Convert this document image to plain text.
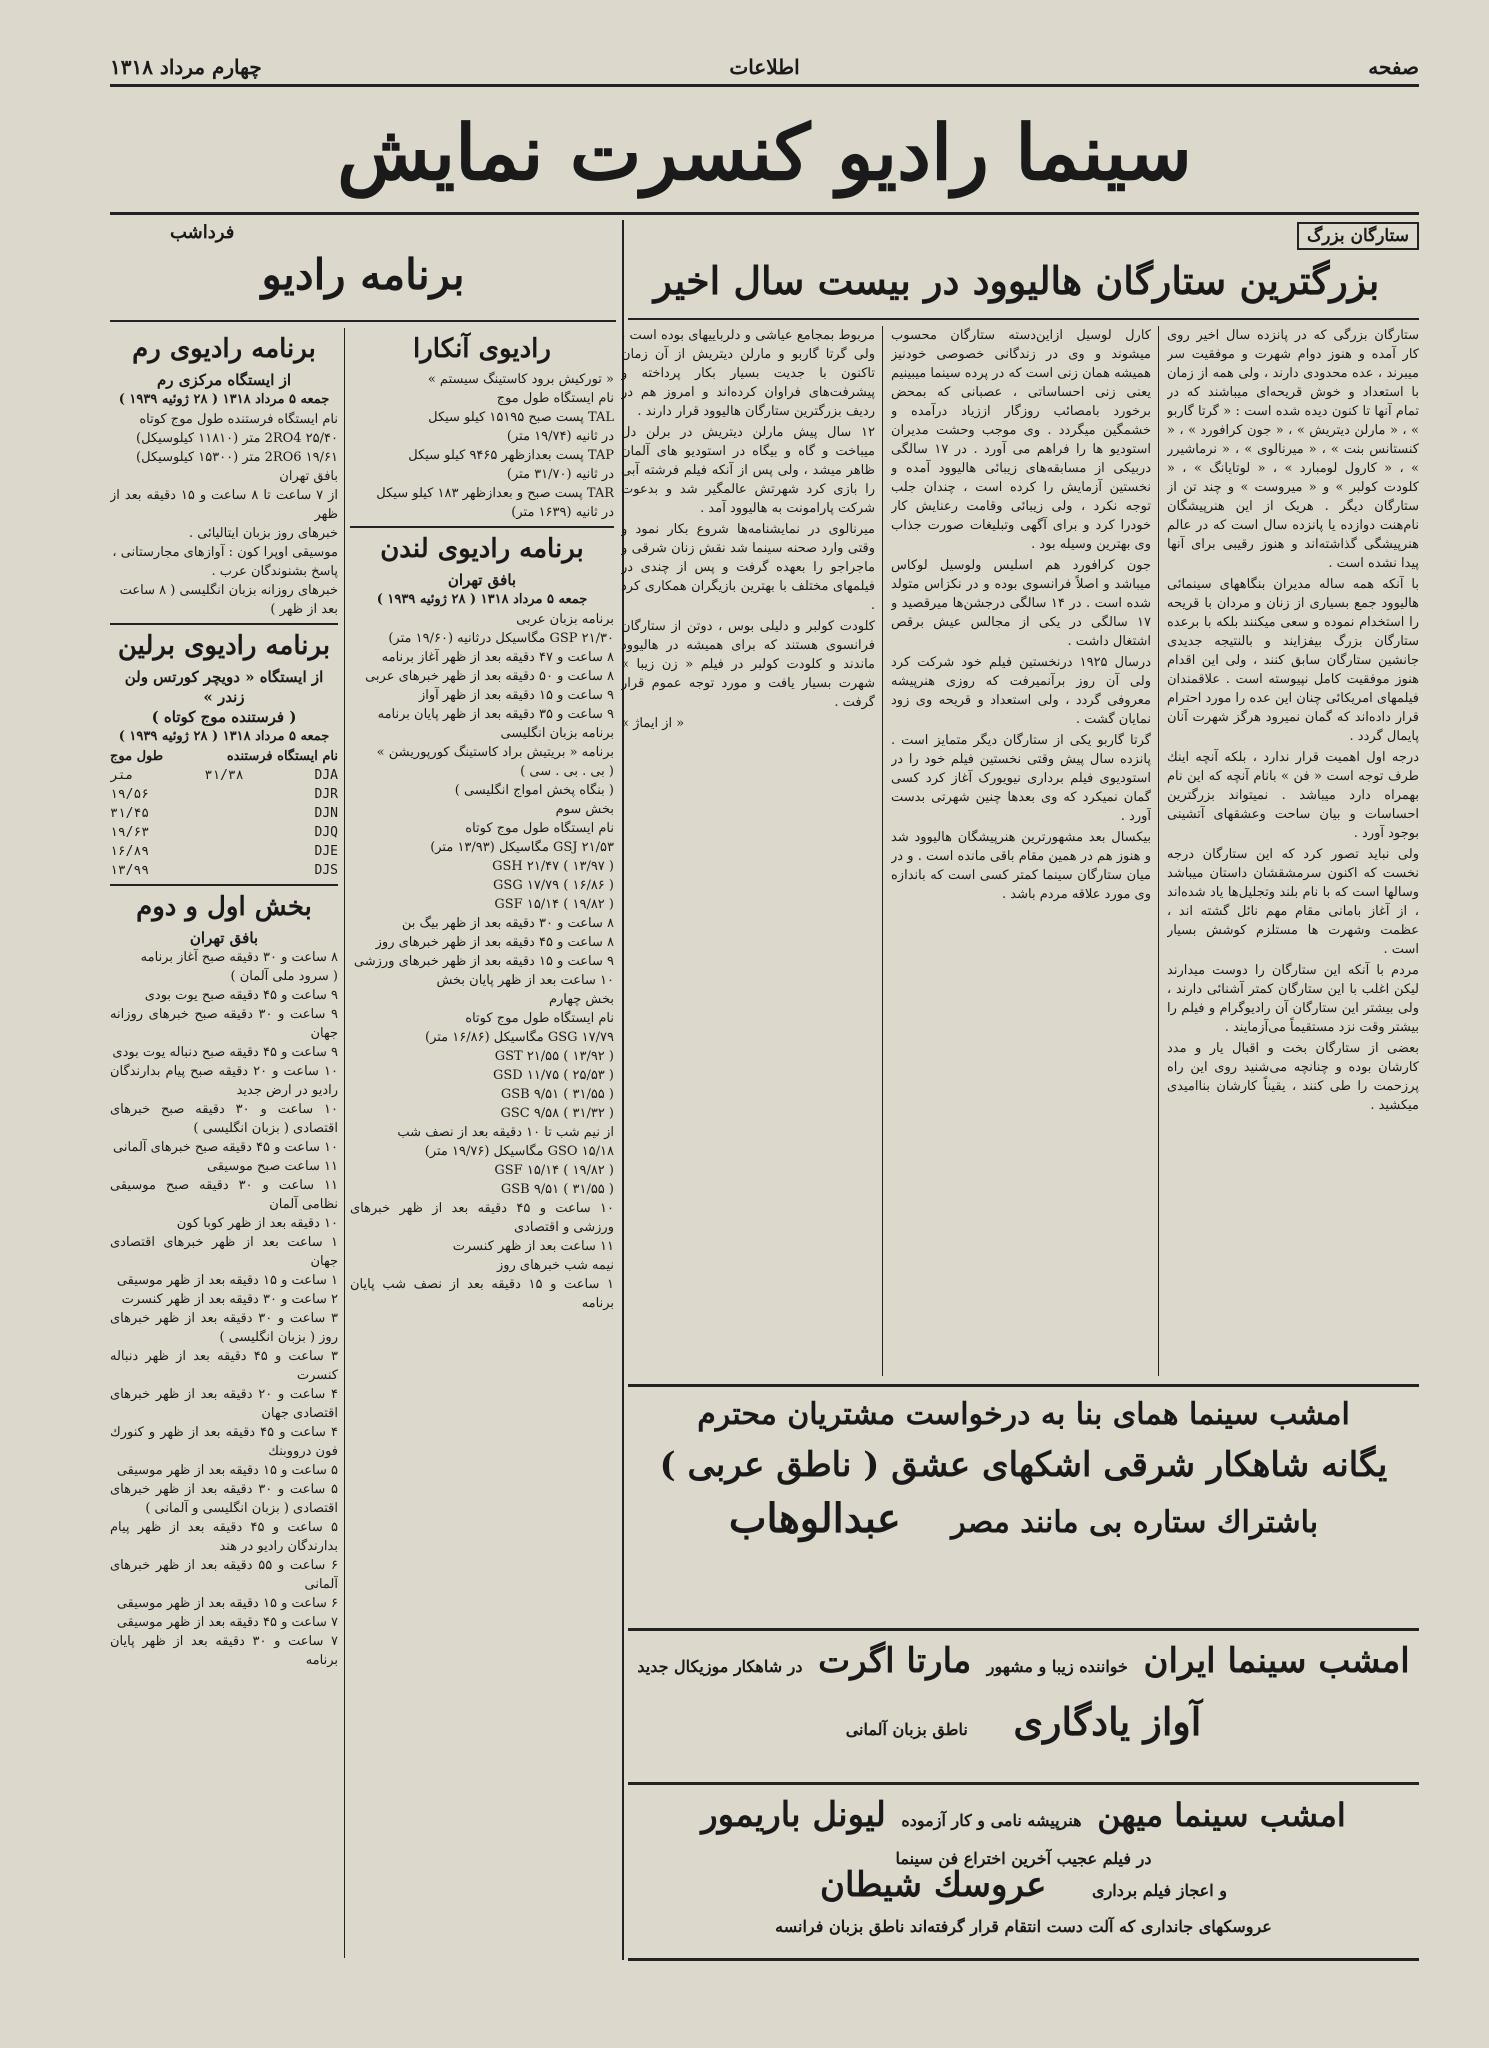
صفحه
اطلاعات
چهارم مرداد ۱۳۱۸
سینما رادیو کنسرت نمایش
ستارگان بزرگ
بزرگترین ستارگان هالیوود در بیست سال اخیر

ستارگان بزرگی که در پانزده سال اخیر روی کار آمده و هنوز دوام شهرت و موفقیت سر میبرند ، عده محدودی دارند ، ولی همه از زمان با استعداد و خوش قریحه‌ای میباشند که در تمام آنها تا کنون دیده شده است : « گرتا گاربو » ، « مارلن دیتریش » ، « جون کرافورد » ، « کنستانس بنت » ، « میرنالوی » ، « نرماشیرر » ، « کارول لومبارد » ، « لوتایانگ » ، « کلودت کولبر » و « میروست » و چند تن از ستارگان دیگر . هریک از این هنرپیشگان نام‌هنت دوازده یا پانزده سال است که در عالم هنرپیشگی گذاشته‌اند و هنوز رقیبی برای آنها پیدا نشده است .

با آنکه همه ساله مدیران بنگاههای سینمائی هالیوود جمع بسیاری از زنان و مردان با قریحه را استخدام نموده و سعی میکنند بلکه با برعده ستارگان بزرگ بیفزایند و بالنتیجه جدیدی جانشین ستارگان سابق کنند ، ولی این اقدام هنوز موفقیت کامل نپیوسته است . علاقمندان فیلمهای امریکائی چنان این عده را مورد احترام قرار داده‌اند که گمان نمیرود هرگز شهرت آنان پایمال گردد .

درجه اول اهمیت قرار ندارد ، بلکه آنچه اینك طرف توجه است « فن » بانام آنچه که این نام بهمراه دارد میباشد . نمیتواند بزرگترین احساسات و بیان ساحت وعشقهای آتشینی بوجود آورد .

ولی نباید تصور کرد که این ستارگان درجه نخست که اکنون سرمشقشان داستان میباشد وسالها است که با نام بلند وتجلیل‌ها یاد شده‌اند ، از آغاز بامانی مقام مهم نائل گشته اند ، عظمت وشهرت ها مستلزم کوشش بسیار است .

مردم با آنکه این ستارگان را دوست میدارند لیکن اغلب با این ستارگان کمتر آشنائی دارند ، ولی بیشتر این ستارگان آن رادیوگرام و فیلم را بیشتر وقت نزد مستقیماً می‌آزمایند .

بعضی از ستارگان بخت و اقبال یار و مدد کارشان بوده و چنانچه می‌شنید روی این راه پرزحمت را طی کنند ، یقیناً کارشان بناامیدی میکشید .

کارل لوسیل ازاین‌دسته ستارگان محسوب میشوند و وی در زندگانی خصوصی خودنیز همیشه همان زنی است که در پرده سینما میبینیم یعنی زنی احساساتی ، عصبانی که بمحض برخورد بامصائب روزگار اززیاد درآمده و خشمگین میگردد . وی موجب وحشت مدیران استودیو ها را فراهم می آورد . در ۱۷ سالگی دربیکی از مسابقه‌های زیبائی هالیوود آمده و نخستین آزمایش را کرده است ، چندان جلب توجه نکرد ، ولی زیبائی وقامت رعنایش کار خودرا کرد و برای آگهی وتبلیغات صورت جذاب وی بهترین وسیله بود .

جون کرافورد هم اسلیس ولوسیل لوکاس میباشد و اصلاً فرانسوی بوده و در نکزاس متولد شده است . در ۱۴ سالگی درجشن‌ها میرقصید و ۱۷ سالگی در یکی از مجالس عیش برقص اشتغال داشت .

درسال ۱۹۲۵ درنخستین فیلم خود شرکت کرد ولی آن روز برآنمیرفت که روزی هنرپیشه معروفی گردد ، ولی استعداد و قریحه وی زود نمایان گشت .

گرتا گاربو یکی از ستارگان دیگر متمایز است . پانزده سال پیش وقتی نخستین فیلم خود را در استودیوی فیلم برداری نیویورک آغاز کرد کسی گمان نمیکرد که وی بعدها چنین شهرتی بدست آورد .

بیکسال بعد مشهورترین هنرپیشگان هالیوود شد و هنوز هم در همین مقام باقی مانده است . و در میان ستارگان سینما کمتر کسی است که باندازه وی مورد علاقه مردم باشد .

مربوط بمجامع عیاشی و دلرباییهای بوده است ، ولی گرتا گاربو و مارلن دیتریش از آن زمان تاکنون با جدیت بسیار بکار پرداخته و پیشرفت‌های فراوان کرده‌اند و امروز هم در ردیف بزرگترین ستارگان هالیوود قرار دارند .

۱۲ سال پیش مارلن دیتریش در برلن دل میباخت و گاه و بیگاه در استودیو های آلمان ظاهر میشد ، ولی پس از آنکه فیلم فرشته آبی را بازی کرد شهرتش عالمگیر شد و بدعوت شرکت پارامونت به هالیوود آمد .

میرنالوی در نمایشنامه‌ها شروع بکار نمود و وقتی وارد صحنه سینما شد نقش زنان شرقی و ماجراجو را بعهده گرفت و پس از چندی در فیلمهای مختلف با بهترین بازیگران همکاری کرد .

کلودت کولبر و دلیلی بوس ، دوتن از ستارگان فرانسوی هستند که برای همیشه در هالیوود ماندند و کلودت کولبر در فیلم « زن زیبا » شهرت بسیار یافت و مورد توجه عموم قرار گرفت .

« از ایماژ »

امشب سینما همای بنا به درخواست مشتریان محترم
یگانه شاهکار شرقی اشکهای عشق ( ناطق عربی )
باشتراك ستاره بی مانند مصر عبدالوهاب
امشب سینما ایران خواننده زیبا و مشهور مارتا اگرت در شاهکار موزیکال جدید
آواز یادگاری ناطق بزبان آلمانی
امشب سینما میهن هنرپیشه نامی و کار آزموده لیونل باریمور
در فیلم عجیب آخرین اختراع فن سینما
و اعجاز فیلم برداری عروسك شیطان
عروسکهای جانداری که آلت دست انتقام قرار گرفته‌اند ناطق بزبان فرانسه
فرداشب
برنامه رادیو
رادیوی آنکارا
« تورکیش برود کاستینگ سیستم »
نام ایستگاه طول موج
TAL پست صبح ۱۵۱۹۵ کیلو سیکل
در ثانیه (۱۹/۷۴ متر)
TAP پست بعدازظهر ۹۴۶۵ کیلو سیکل
در ثانیه (۳۱/۷۰ متر)
TAR پست صبح و بعدازظهر ۱۸۳ کیلو سیکل
در ثانیه (۱۶۳۹ متر)
برنامه رادیوی لندن
بافق تهران
جمعه ۵ مرداد ۱۳۱۸ ( ۲۸ ژوئیه ۱۹۳۹ )
برنامه بزبان عربی
GSP ۲۱/۳۰ مگاسیکل درثانیه (۱۹/۶۰ متر)
۸ ساعت و ۴۷ دقیقه بعد از ظهر آغاز برنامه
۸ ساعت و ۵۰ دقیقه بعد از ظهر خبرهای عربی
۹ ساعت و ۱۵ دقیقه بعد از ظهر آواز
۹ ساعت و ۳۵ دقیقه بعد از ظهر پایان برنامه
برنامه بزبان انگلیسی
برنامه « بریتیش براد کاستینگ کورپوریشن »
( بی . بی . سی )
( بنگاه پخش امواج انگلیسی )
بخش سوم
نام ایستگاه طول موج کوتاه
GSJ ۲۱/۵۳ مگاسیکل (۱۳/۹۳ متر)
GSH ۲۱/۴۷ ( ۱۳/۹۷ )
GSG ۱۷/۷۹ ( ۱۶/۸۶ )
GSF ۱۵/۱۴ ( ۱۹/۸۲ )
۸ ساعت و ۳۰ دقیقه بعد از ظهر بیگ بن
۸ ساعت و ۴۵ دقیقه بعد از ظهر خبرهای روز
۹ ساعت و ۱۵ دقیقه بعد از ظهر خبرهای ورزشی
۱۰ ساعت بعد از ظهر پایان بخش
بخش چهارم
نام ایستگاه طول موج کوتاه
GSG ۱۷/۷۹ مگاسیکل (۱۶/۸۶ متر)
GST ۲۱/۵۵ ( ۱۳/۹۲ )
GSD ۱۱/۷۵ ( ۲۵/۵۳ )
GSB ۹/۵۱ ( ۳۱/۵۵ )
GSC ۹/۵۸ ( ۳۱/۳۲ )
از نیم شب تا ۱۰ دقیقه بعد از نصف شب
GSO ۱۵/۱۸ مگاسیکل (۱۹/۷۶ متر)
GSF ۱۵/۱۴ ( ۱۹/۸۲ )
GSB ۹/۵۱ ( ۳۱/۵۵ )
۱۰ ساعت و ۴۵ دقیقه بعد از ظهر خبرهای ورزشی و اقتصادی
۱۱ ساعت بعد از ظهر کنسرت
نیمه شب خبرهای روز
۱ ساعت و ۱۵ دقیقه بعد از نصف شب پایان برنامه
برنامه رادیوی رم
از ایستگاه مرکزی رم
جمعه ۵ مرداد ۱۳۱۸ ( ۲۸ ژوئیه ۱۹۳۹ )
نام ایستگاه فرستنده طول موج کوتاه
2RO4 ۲۵/۴۰ متر (۱۱۸۱۰ کیلوسیکل)
2RO6 ۱۹/۶۱ متر (۱۵۳۰۰ کیلوسیکل)
بافق تهران
از ۷ ساعت تا ۸ ساعت و ۱۵ دقیقه بعد از ظهر
خبرهای روز بزبان ایتالیائی .
موسیقی اوپرا کون : آوازهای مجارستانی ،
پاسخ بشنوندگان عرب .
خبرهای روزانه بزبان انگلیسی ( ۸ ساعت
بعد از ظهر )
برنامه رادیوی برلین
از ایستگاه « دویچر کورتس ولن زندر »
( فرستنده موج کوتاه )
جمعه ۵ مرداد ۱۳۱۸ ( ۲۸ ژوئیه ۱۹۳۹ )
نام ایستگاه فرستنده
طول موج
DJA
۳۱/۳۸
متر
DJR
۱۹/۵۶
DJN
۳۱/۴۵
DJQ
۱۹/۶۳
DJE
۱۶/۸۹
DJS
۱۳/۹۹
بخش اول و دوم
بافق تهران
۸ ساعت و ۳۰ دقیقه صبح آغاز برنامه
( سرود ملی آلمان )
۹ ساعت و ۴۵ دقیقه صبح یوت بودی
۹ ساعت و ۳۰ دقیقه صبح خبرهای روزانه جهان
۹ ساعت و ۴۵ دقیقه صبح دنباله یوت بودی
۱۰ ساعت و ۲۰ دقیقه صبح پیام بدارندگان رادیو در ارض جدید
۱۰ ساعت و ۳۰ دقیقه صبح خبرهای اقتصادی ( بزبان انگلیسی )
۱۰ ساعت و ۴۵ دقیقه صبح خبرهای آلمانی
۱۱ ساعت صبح موسیقی
۱۱ ساعت و ۳۰ دقیقه صبح موسیقی نظامی آلمان
۱۰ دقیقه بعد از ظهر کوبا کون
۱ ساعت بعد از ظهر خبرهای اقتصادی جهان
۱ ساعت و ۱۵ دقیقه بعد از ظهر موسیقی
۲ ساعت و ۳۰ دقیقه بعد از ظهر کنسرت
۳ ساعت و ۳۰ دقیقه بعد از ظهر خبرهای روز ( بزبان انگلیسی )
۳ ساعت و ۴۵ دقیقه بعد از ظهر دنباله کنسرت
۴ ساعت و ۲۰ دقیقه بعد از ظهر خبرهای اقتصادی جهان
۴ ساعت و ۴۵ دقیقه بعد از ظهر و کنورك فون درووبنك
۵ ساعت و ۱۵ دقیقه بعد از ظهر موسیقی
۵ ساعت و ۳۰ دقیقه بعد از ظهر خبرهای اقتصادی ( بزبان انگلیسی و آلمانی )
۵ ساعت و ۴۵ دقیقه بعد از ظهر پیام بدارندگان رادیو در هند
۶ ساعت و ۵۵ دقیقه بعد از ظهر خبرهای آلمانی
۶ ساعت و ۱۵ دقیقه بعد از ظهر موسیقی
۷ ساعت و ۴۵ دقیقه بعد از ظهر موسیقی
۷ ساعت و ۳۰ دقیقه بعد از ظهر پایان برنامه
